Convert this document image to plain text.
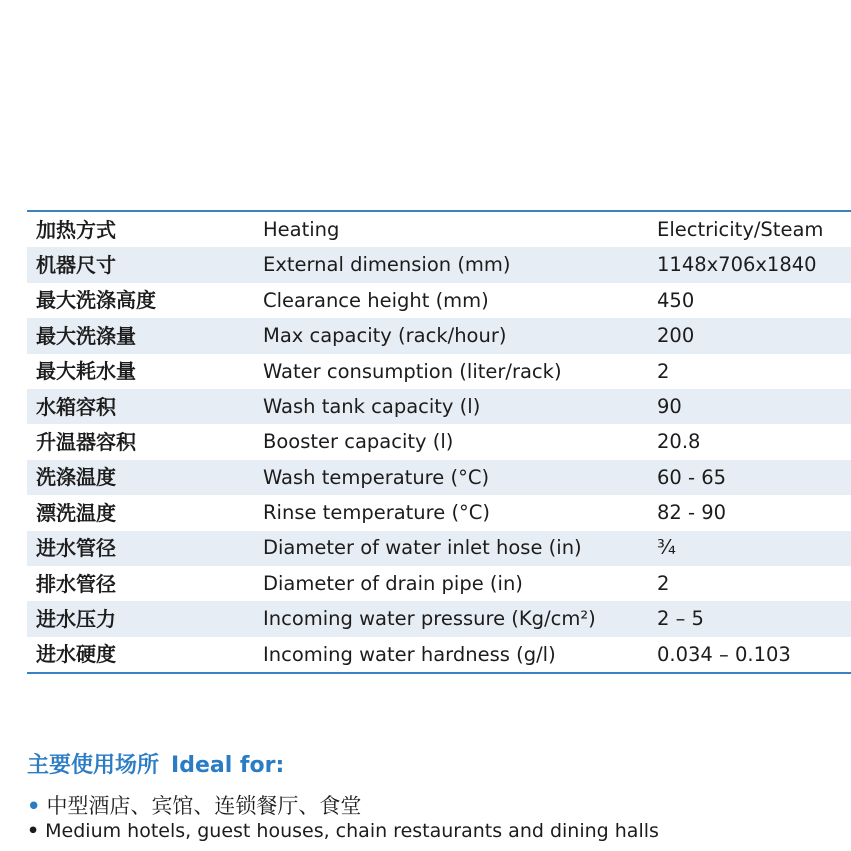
加热方式	Heating	Electricity/Steam
机器尺寸	External dimension (mm)	1148x706x1840
最大洗涤高度	Clearance height (mm)	450
最大洗涤量	Max capacity (rack/hour)	200
最大耗水量	Water consumption (liter/rack)	2
水箱容积	Wash tank capacity (l)	90
升温器容积	Booster capacity (l)	20.8
洗涤温度	Wash temperature (°C)	60 - 65
漂洗温度	Rinse temperature (°C)	82 - 90
进水管径	Diameter of water inlet hose (in)	¾
排水管径	Diameter of drain pipe (in)	2
进水压力	Incoming water pressure (Kg/cm²)	2 – 5
进水硬度	Incoming water hardness (g/l)	0.034 – 0.103
主要使用场所 Ideal for:
• 中型酒店、宾馆、连锁餐厅、食堂
• Medium hotels, guest houses, chain restaurants and dining halls
